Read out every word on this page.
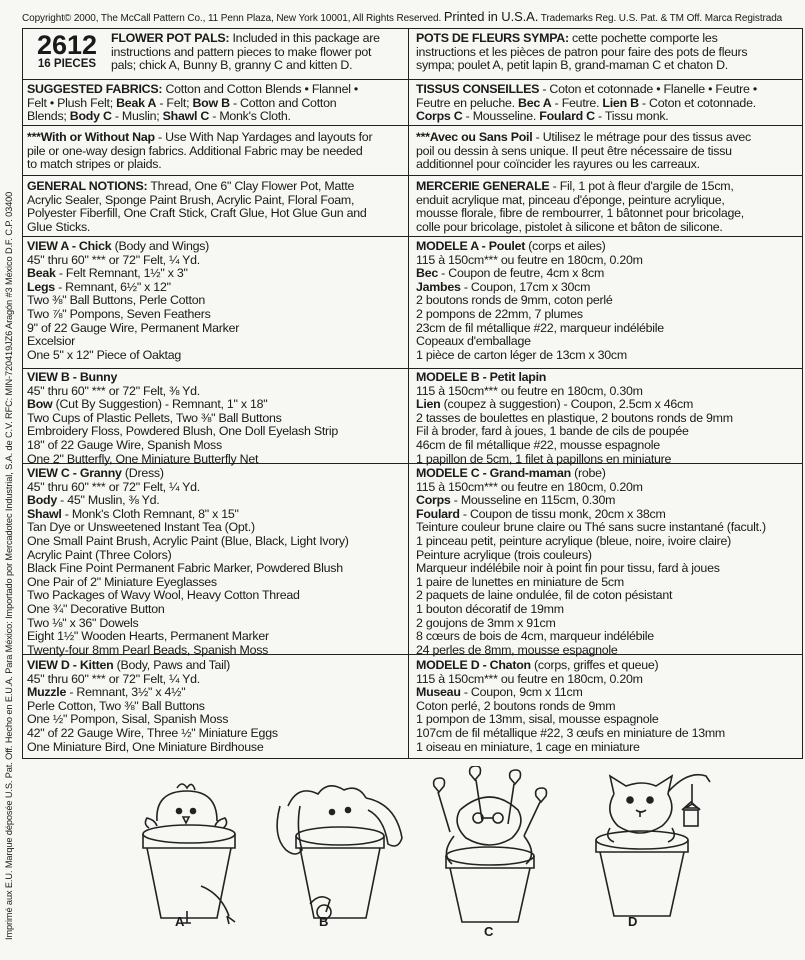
Copyright© 2000, The McCall Pattern Co., 11 Penn Plaza, New York 10001, All Rights Reserved. Printed in U.S.A. Trademarks Reg. U.S. Pat. & TM Off. Marca Registrada
Imprimé aux E.U. Marque déposée U.S. Pat. Off. Hecho en E.U.A. Para México: Importado por Mercadotec Industrial, S.A. de C.V. RFC: MIN-720419JZ6 Aragón #3 México D.F. C.P. 03400
2612
16 PIECES
FLOWER POT PALS: Included in this package are
instructions and pattern pieces to make flower pot
pals; chick A, Bunny B, granny C and kitten D.
POTS DE FLEURS SYMPA: cette pochette comporte les
instructions et les pièces de patron pour faire des pots de fleurs
sympa; poulet A, petit lapin B, grand-maman C et chaton D.
SUGGESTED FABRICS: Cotton and Cotton Blends • Flannel •
Felt • Plush Felt; Beak A - Felt; Bow B - Cotton and Cotton
Blends; Body C - Muslin; Shawl C - Monk's Cloth.
TISSUS CONSEILLES - Coton et cotonnade • Flanelle • Feutre •
Feutre en peluche. Bec A - Feutre. Lien B - Coton et cotonnade.
Corps C - Mousseline. Foulard C - Tissu monk.
***With or Without Nap - Use With Nap Yardages and layouts for
pile or one-way design fabrics. Additional Fabric may be needed
to match stripes or plaids.
***Avec ou Sans Poil - Utilisez le métrage pour des tissus avec
poil ou dessin à sens unique. Il peut être nécessaire de tissu
additionnel pour coïncider les rayures ou les carreaux.
GENERAL NOTIONS: Thread, One 6" Clay Flower Pot, Matte
Acrylic Sealer, Sponge Paint Brush, Acrylic Paint, Floral Foam,
Polyester Fiberfill, One Craft Stick, Craft Glue, Hot Glue Gun and
Glue Sticks.
MERCERIE GENERALE - Fil, 1 pot à fleur d'argile de 15cm,
enduit acrylique mat, pinceau d'éponge, peinture acrylique,
mousse florale, fibre de rembourrer, 1 bâtonnet pour bricolage,
colle pour bricolage, pistolet à silicone et bâton de silicone.
VIEW A - Chick (Body and Wings)
45" thru 60" *** or 72" Felt, ¼ Yd.
Beak - Felt Remnant, 1½" x 3"
Legs - Remnant, 6½" x 12"
Two ⅜" Ball Buttons, Perle Cotton
Two ⅞" Pompons, Seven Feathers
9" of 22 Gauge Wire, Permanent Marker
Excelsior
One 5" x 12" Piece of Oaktag
MODELE A - Poulet (corps et ailes)
115 à 150cm*** ou feutre en 180cm, 0.20m
Bec - Coupon de feutre, 4cm x 8cm
Jambes - Coupon, 17cm x 30cm
2 boutons ronds de 9mm, coton perlé
2 pompons de 22mm, 7 plumes
23cm de fil métallique #22, marqueur indélébile
Copeaux d'emballage
1 pièce de carton léger de 13cm x 30cm
VIEW B - Bunny
45" thru 60" *** or 72" Felt, ⅜ Yd.
Bow (Cut By Suggestion) - Remnant, 1" x 18"
Two Cups of Plastic Pellets, Two ⅜" Ball Buttons
Embroidery Floss, Powdered Blush, One Doll Eyelash Strip
18" of 22 Gauge Wire, Spanish Moss
One 2" Butterfly, One Miniature Butterfly Net
MODELE B - Petit lapin
115 à 150cm*** ou feutre en 180cm, 0.30m
Lien (coupez à suggestion) - Coupon, 2.5cm x 46cm
2 tasses de boulettes en plastique, 2 boutons ronds de 9mm
Fil à broder, fard à joues, 1 bande de cils de poupée
46cm de fil métallique #22, mousse espagnole
1 papillon de 5cm, 1 filet à papillons en miniature
VIEW C - Granny (Dress)
45" thru 60" *** or 72" Felt, ¼ Yd.
Body - 45" Muslin, ⅜ Yd.
Shawl - Monk's Cloth Remnant, 8" x 15"
Tan Dye or Unsweetened Instant Tea (Opt.)
One Small Paint Brush, Acrylic Paint (Blue, Black, Light Ivory)
Acrylic Paint (Three Colors)
Black Fine Point Permanent Fabric Marker, Powdered Blush
One Pair of 2" Miniature Eyeglasses
Two Packages of Wavy Wool, Heavy Cotton Thread
One ¾" Decorative Button
Two ⅛" x 36" Dowels
Eight 1½" Wooden Hearts, Permanent Marker
Twenty-four 8mm Pearl Beads, Spanish Moss
MODELE C - Grand-maman (robe)
115 à 150cm*** ou feutre en 180cm, 0.20m
Corps - Mousseline en 115cm, 0.30m
Foulard - Coupon de tissu monk, 20cm x 38cm
Teinture couleur brune claire ou Thé sans sucre instantané (facult.)
1 pinceau petit, peinture acrylique (bleue, noire, ivoire claire)
Peinture acrylique (trois couleurs)
Marqueur indélébile noir à point fin pour tissu, fard à joues
1 paire de lunettes en miniature de 5cm
2 paquets de laine ondulée, fil de coton pésistant
1 bouton décoratif de 19mm
2 goujons de 3mm x 91cm
8 cœurs de bois de 4cm, marqueur indélébile
24 perles de 8mm, mousse espagnole
VIEW D - Kitten (Body, Paws and Tail)
45" thru 60" *** or 72" Felt, ¼ Yd.
Muzzle - Remnant, 3½" x 4½"
Perle Cotton, Two ⅜" Ball Buttons
One ½" Pompon, Sisal, Spanish Moss
42" of 22 Gauge Wire, Three ½" Miniature Eggs
One Miniature Bird, One Miniature Birdhouse
MODELE D - Chaton (corps, griffes et queue)
115 à 150cm*** ou feutre en 180cm, 0.20m
Museau - Coupon, 9cm x 11cm
Coton perlé, 2 boutons ronds de 9mm
1 pompon de 13mm, sisal, mousse espagnole
107cm de fil métallique #22, 3 œufs en miniature de 13mm
1 oiseau en miniature, 1 cage en miniature
A	B
C
D
